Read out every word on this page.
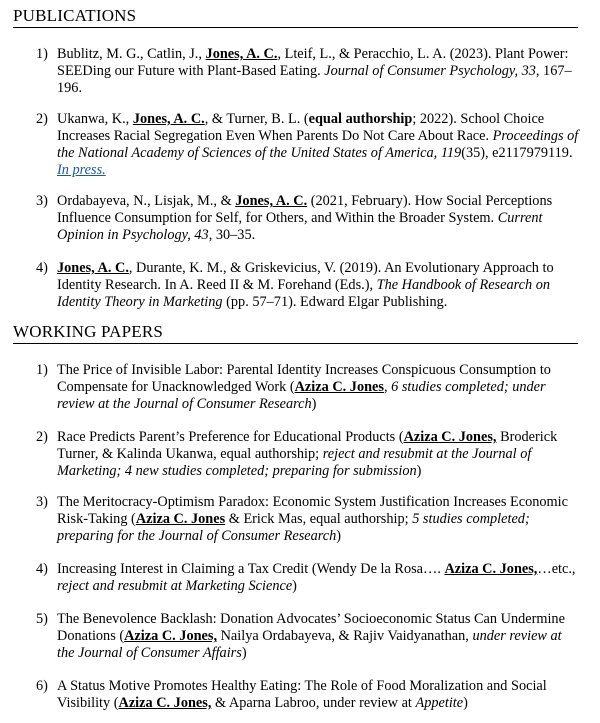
PUBLICATIONS
1) Bublitz, M. G., Catlin, J., Jones, A. C., Lteif, L., & Peracchio, L. A. (2023). Plant Power: SEEDing our Future with Plant-Based Eating. Journal of Consumer Psychology, 33, 167–196.
2) Ukanwa, K., Jones, A. C., & Turner, B. L. (equal authorship; 2022). School Choice Increases Racial Segregation Even When Parents Do Not Care About Race. Proceedings of the National Academy of Sciences of the United States of America, 119(35), e2117979119. In press.
3) Ordabayeva, N., Lisjak, M., & Jones, A. C. (2021, February). How Social Perceptions Influence Consumption for Self, for Others, and Within the Broader System. Current Opinion in Psychology, 43, 30–35.
4) Jones, A. C., Durante, K. M., & Griskevicius, V. (2019). An Evolutionary Approach to Identity Research. In A. Reed II & M. Forehand (Eds.), The Handbook of Research on Identity Theory in Marketing (pp. 57–71). Edward Elgar Publishing.
WORKING PAPERS
1) The Price of Invisible Labor: Parental Identity Increases Conspicuous Consumption to Compensate for Unacknowledged Work (Aziza C. Jones, 6 studies completed; under review at the Journal of Consumer Research)
2) Race Predicts Parent’s Preference for Educational Products (Aziza C. Jones, Broderick Turner, & Kalinda Ukanwa, equal authorship; reject and resubmit at the Journal of Marketing; 4 new studies completed; preparing for submission)
3) The Meritocracy-Optimism Paradox: Economic System Justification Increases Economic Risk-Taking (Aziza C. Jones & Erick Mas, equal authorship; 5 studies completed; preparing for the Journal of Consumer Research)
4) Increasing Interest in Claiming a Tax Credit (Wendy De la Rosa…. Aziza C. Jones,…etc., reject and resubmit at Marketing Science)
5) The Benevolence Backlash: Donation Advocates’ Socioeconomic Status Can Undermine Donations (Aziza C. Jones, Nailya Ordabayeva, & Rajiv Vaidyanathan, under review at the Journal of Consumer Affairs)
6) A Status Motive Promotes Healthy Eating: The Role of Food Moralization and Social Visibility (Aziza C. Jones, & Aparna Labroo, under review at Appetite)
